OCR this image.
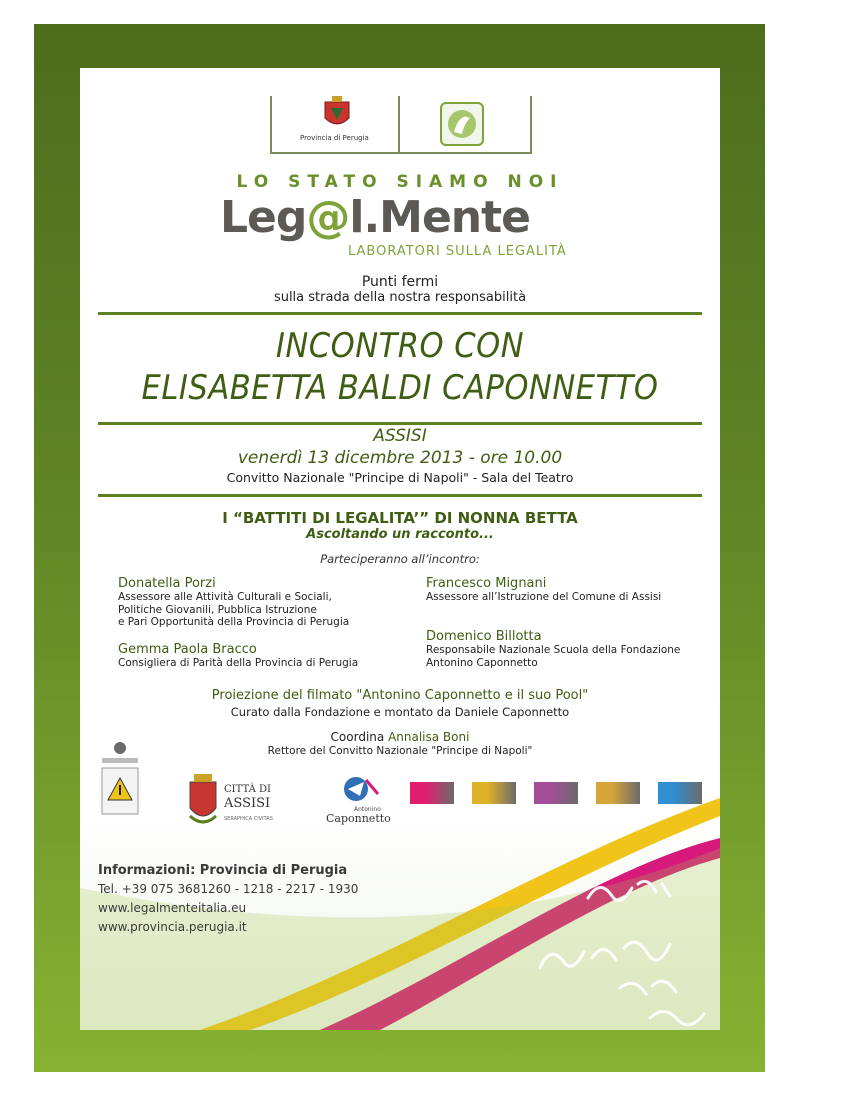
Provincia di Perugia
LO STATO SIAMO NOI
Leg@l.Mente
LABORATORI SULLA LEGALITÀ
Punti fermi
sulla strada della nostra responsabilità
INCONTRO CON
ELISABETTA BALDI CAPONNETTO
ASSISI
venerdì 13 dicembre 2013 - ore 10.00
Convitto Nazionale "Principe di Napoli" - Sala del Teatro
I “BATTITI DI LEGALITA’” DI NONNA BETTA
Ascoltando un racconto...
Parteciperanno all’incontro:
Donatella Porzi
Assessore alle Attività Culturali e Sociali,
Politiche Giovanili, Pubblica Istruzione
e Pari Opportunità della Provincia di Perugia
Gemma Paola Bracco
Consigliera di Parità della Provincia di Perugia
Francesco Mignani
Assessore all’Istruzione del Comune di Assisi
Domenico Billotta
Responsabile Nazionale Scuola della Fondazione
Antonino Caponnetto
Proiezione del filmato "Antonino Caponnetto e il suo Pool"
Curato dalla Fondazione e montato da Daniele Caponnetto
Coordina Annalisa Boni
Rettore del Convitto Nazionale "Principe di Napoli"
CITTÀ DI
ASSISI
SERAPHICA CIVITAS
Antonino
Caponnetto
Informazioni: Provincia di Perugia
Tel. +39 075 3681260 - 1218 - 2217 - 1930
www.legalmenteitalia.eu
www.provincia.perugia.it
